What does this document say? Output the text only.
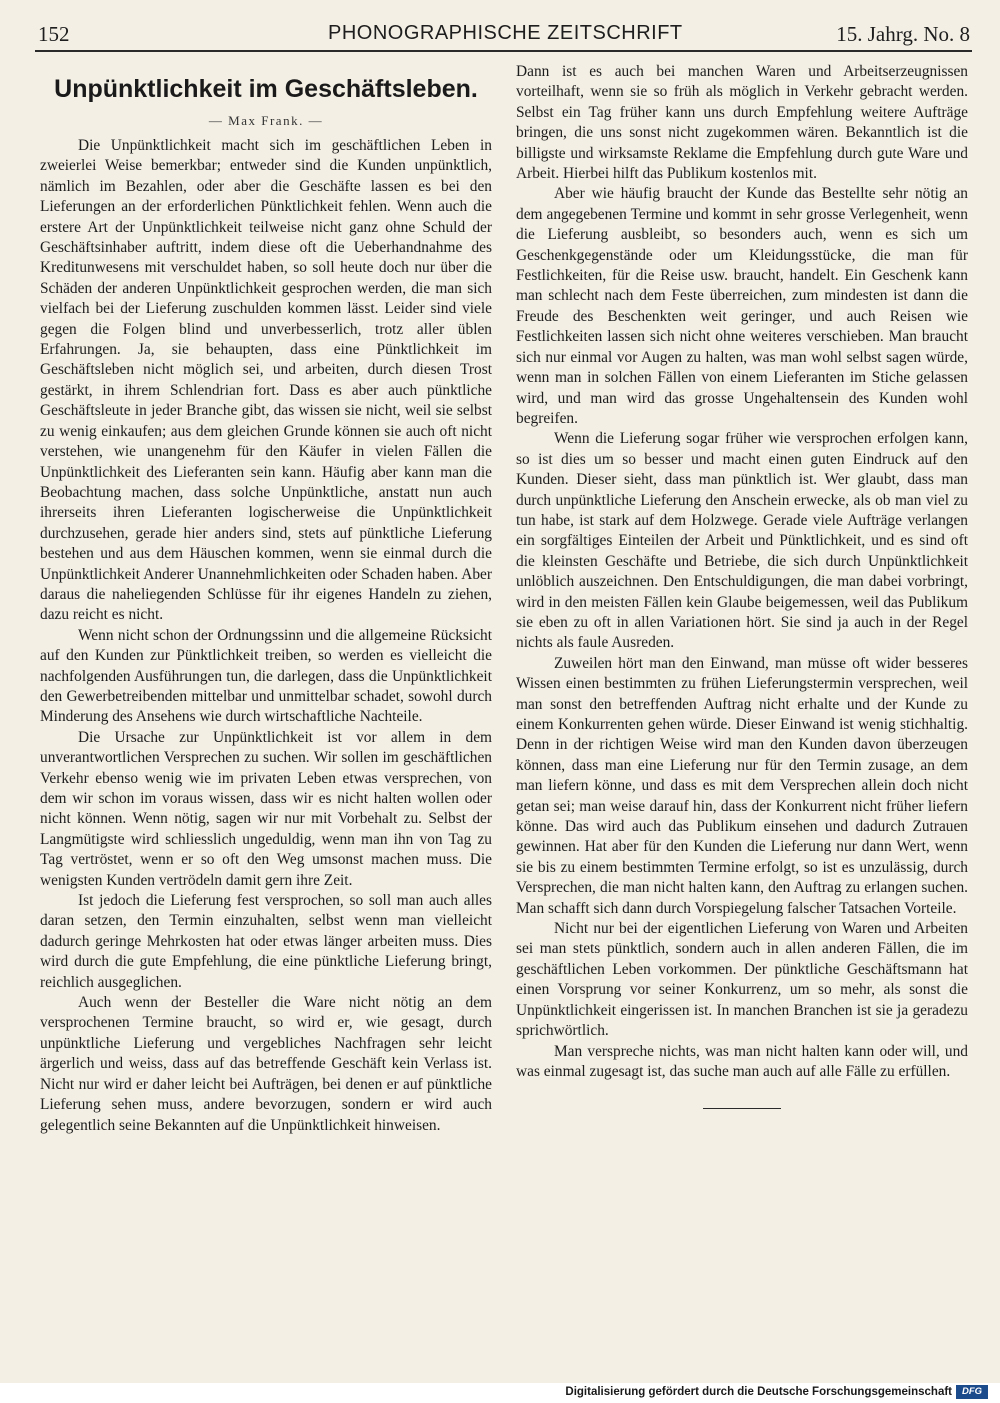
152	PHONOGRAPHISCHE ZEITSCHRIFT	15. Jahrg. No. 8
Unpünktlichkeit im Geschäftsleben.
— Max Frank. —

Die Unpünktlichkeit macht sich im geschäftlichen Leben in zweierlei Weise bemerkbar; entweder sind die Kunden unpünktlich, nämlich im Bezahlen, oder aber die Geschäfte lassen es bei den Lieferungen an der erforderlichen Pünktlichkeit fehlen. Wenn auch die erstere Art der Unpünktlichkeit teilweise nicht ganz ohne Schuld der Geschäftsinhaber auftritt, indem diese oft die Ueberhandnahme des Kreditunwesens mit verschuldet haben, so soll heute doch nur über die Schäden der anderen Unpünktlichkeit gesprochen werden, die man sich vielfach bei der Lieferung zuschulden kommen lässt. Leider sind viele gegen die Folgen blind und unverbesserlich, trotz aller üblen Erfahrungen. Ja, sie behaupten, dass eine Pünktlichkeit im Geschäftsleben nicht möglich sei, und arbeiten, durch diesen Trost gestärkt, in ihrem Schlendrian fort. Dass es aber auch pünktliche Geschäftsleute in jeder Branche gibt, das wissen sie nicht, weil sie selbst zu wenig einkaufen; aus dem gleichen Grunde können sie auch oft nicht verstehen, wie unangenehm für den Käufer in vielen Fällen die Unpünktlichkeit des Lieferanten sein kann. Häufig aber kann man die Beobachtung machen, dass solche Unpünktliche, anstatt nun auch ihrerseits ihren Lieferanten logischerweise die Unpünktlichkeit durchzusehen, gerade hier anders sind, stets auf pünktliche Lieferung bestehen und aus dem Häuschen kommen, wenn sie einmal durch die Unpünktlichkeit Anderer Unannehmlichkeiten oder Schaden haben. Aber daraus die naheliegenden Schlüsse für ihr eigenes Handeln zu ziehen, dazu reicht es nicht.

Wenn nicht schon der Ordnungssinn und die allgemeine Rücksicht auf den Kunden zur Pünktlichkeit treiben, so werden es vielleicht die nachfolgenden Ausführungen tun, die darlegen, dass die Unpünktlichkeit den Gewerbetreibenden mittelbar und unmittelbar schadet, sowohl durch Minderung des Ansehens wie durch wirtschaftliche Nachteile.

Die Ursache zur Unpünktlichkeit ist vor allem in dem unverantwortlichen Versprechen zu suchen. Wir sollen im geschäftlichen Verkehr ebenso wenig wie im privaten Leben etwas versprechen, von dem wir schon im voraus wissen, dass wir es nicht halten wollen oder nicht können. Wenn nötig, sagen wir nur mit Vorbehalt zu. Selbst der Langmütigste wird schliesslich ungeduldig, wenn man ihn von Tag zu Tag vertröstet, wenn er so oft den Weg umsonst machen muss. Die wenigsten Kunden vertrödeln damit gern ihre Zeit.

Ist jedoch die Lieferung fest versprochen, so soll man auch alles daran setzen, den Termin einzuhalten, selbst wenn man vielleicht dadurch geringe Mehrkosten hat oder etwas länger arbeiten muss. Dies wird durch die gute Empfehlung, die eine pünktliche Lieferung bringt, reichlich ausgeglichen.

Auch wenn der Besteller die Ware nicht nötig an dem versprochenen Termine braucht, so wird er, wie gesagt, durch unpünktliche Lieferung und vergebliches Nachfragen sehr leicht ärgerlich und weiss, dass auf das betreffende Geschäft kein Verlass ist. Nicht nur wird er daher leicht bei Aufträgen, bei denen er auf pünktliche Lieferung sehen muss, andere bevorzugen, sondern er wird auch gelegentlich seine Bekannten auf die Unpünktlichkeit hinweisen.

Dann ist es auch bei manchen Waren und Arbeitserzeugnissen vorteilhaft, wenn sie so früh als möglich in Verkehr gebracht werden. Selbst ein Tag früher kann uns durch Empfehlung weitere Aufträge bringen, die uns sonst nicht zugekommen wären. Bekanntlich ist die billigste und wirksamste Reklame die Empfehlung durch gute Ware und Arbeit. Hierbei hilft das Publikum kostenlos mit.

Aber wie häufig braucht der Kunde das Bestellte sehr nötig an dem angegebenen Termine und kommt in sehr grosse Verlegenheit, wenn die Lieferung ausbleibt, so besonders auch, wenn es sich um Geschenkgegenstände oder um Kleidungsstücke, die man für Festlichkeiten, für die Reise usw. braucht, handelt. Ein Geschenk kann man schlecht nach dem Feste überreichen, zum mindesten ist dann die Freude des Beschenkten weit geringer, und auch Reisen wie Festlichkeiten lassen sich nicht ohne weiteres verschieben. Man braucht sich nur einmal vor Augen zu halten, was man wohl selbst sagen würde, wenn man in solchen Fällen von einem Lieferanten im Stiche gelassen wird, und man wird das grosse Ungehaltensein des Kunden wohl begreifen.

Wenn die Lieferung sogar früher wie versprochen erfolgen kann, so ist dies um so besser und macht einen guten Eindruck auf den Kunden. Dieser sieht, dass man pünktlich ist. Wer glaubt, dass man durch unpünktliche Lieferung den Anschein erwecke, als ob man viel zu tun habe, ist stark auf dem Holzwege. Gerade viele Aufträge verlangen ein sorgfältiges Einteilen der Arbeit und Pünktlichkeit, und es sind oft die kleinsten Geschäfte und Betriebe, die sich durch Unpünktlichkeit unlöblich auszeichnen. Den Entschuldigungen, die man dabei vorbringt, wird in den meisten Fällen kein Glaube beigemessen, weil das Publikum sie eben zu oft in allen Variationen hört. Sie sind ja auch in der Regel nichts als faule Ausreden.

Zuweilen hört man den Einwand, man müsse oft wider besseres Wissen einen bestimmten zu frühen Lieferungstermin versprechen, weil man sonst den betreffenden Auftrag nicht erhalte und der Kunde zu einem Konkurrenten gehen würde. Dieser Einwand ist wenig stichhaltig. Denn in der richtigen Weise wird man den Kunden davon überzeugen können, dass man eine Lieferung nur für den Termin zusage, an dem man liefern könne, und dass es mit dem Versprechen allein doch nicht getan sei; man weise darauf hin, dass der Konkurrent nicht früher liefern könne. Das wird auch das Publikum einsehen und dadurch Zutrauen gewinnen. Hat aber für den Kunden die Lieferung nur dann Wert, wenn sie bis zu einem bestimmten Termine erfolgt, so ist es unzulässig, durch Versprechen, die man nicht halten kann, den Auftrag zu erlangen suchen. Man schafft sich dann durch Vorspiegelung falscher Tatsachen Vorteile.

Nicht nur bei der eigentlichen Lieferung von Waren und Arbeiten sei man stets pünktlich, sondern auch in allen anderen Fällen, die im geschäftlichen Leben vorkommen. Der pünktliche Geschäftsmann hat einen Vorsprung vor seiner Konkurrenz, um so mehr, als sonst die Unpünktlichkeit eingerissen ist. In manchen Branchen ist sie ja geradezu sprichwörtlich.

Man verspreche nichts, was man nicht halten kann oder will, und was einmal zugesagt ist, das suche man auch auf alle Fälle zu erfüllen.

Digitalisierung gefördert durch die Deutsche Forschungsgemeinschaft	DFG
